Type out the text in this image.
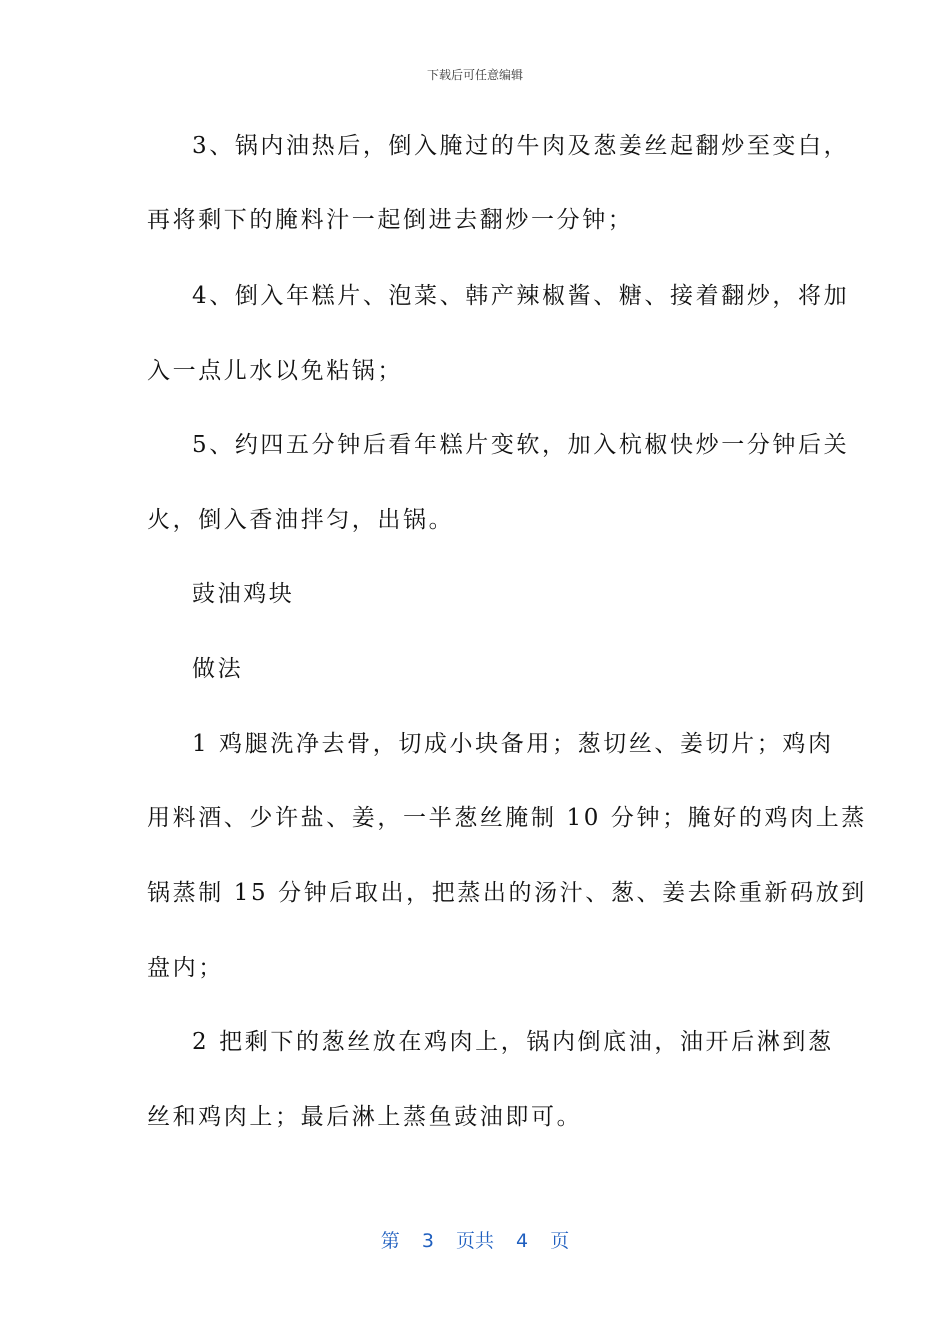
下载后可任意编辑
3、锅内油热后，倒入腌过的牛肉及葱姜丝起翻炒至变白，
再将剩下的腌料汁一起倒进去翻炒一分钟；
4、倒入年糕片、泡菜、韩产辣椒酱、糖、接着翻炒，将加
入一点儿水以免粘锅；
5、约四五分钟后看年糕片变软，加入杭椒快炒一分钟后关
火，倒入香油拌匀，出锅。
豉油鸡块
做法
1 鸡腿洗净去骨，切成小块备用；葱切丝、姜切片；鸡肉
用料酒、少许盐、姜，一半葱丝腌制 10 分钟；腌好的鸡肉上蒸
锅蒸制 15 分钟后取出，把蒸出的汤汁、葱、姜去除重新码放到
盘内；
2 把剩下的葱丝放在鸡肉上，锅内倒底油，油开后淋到葱
丝和鸡肉上；最后淋上蒸鱼豉油即可。
第 3 页共 4 页
